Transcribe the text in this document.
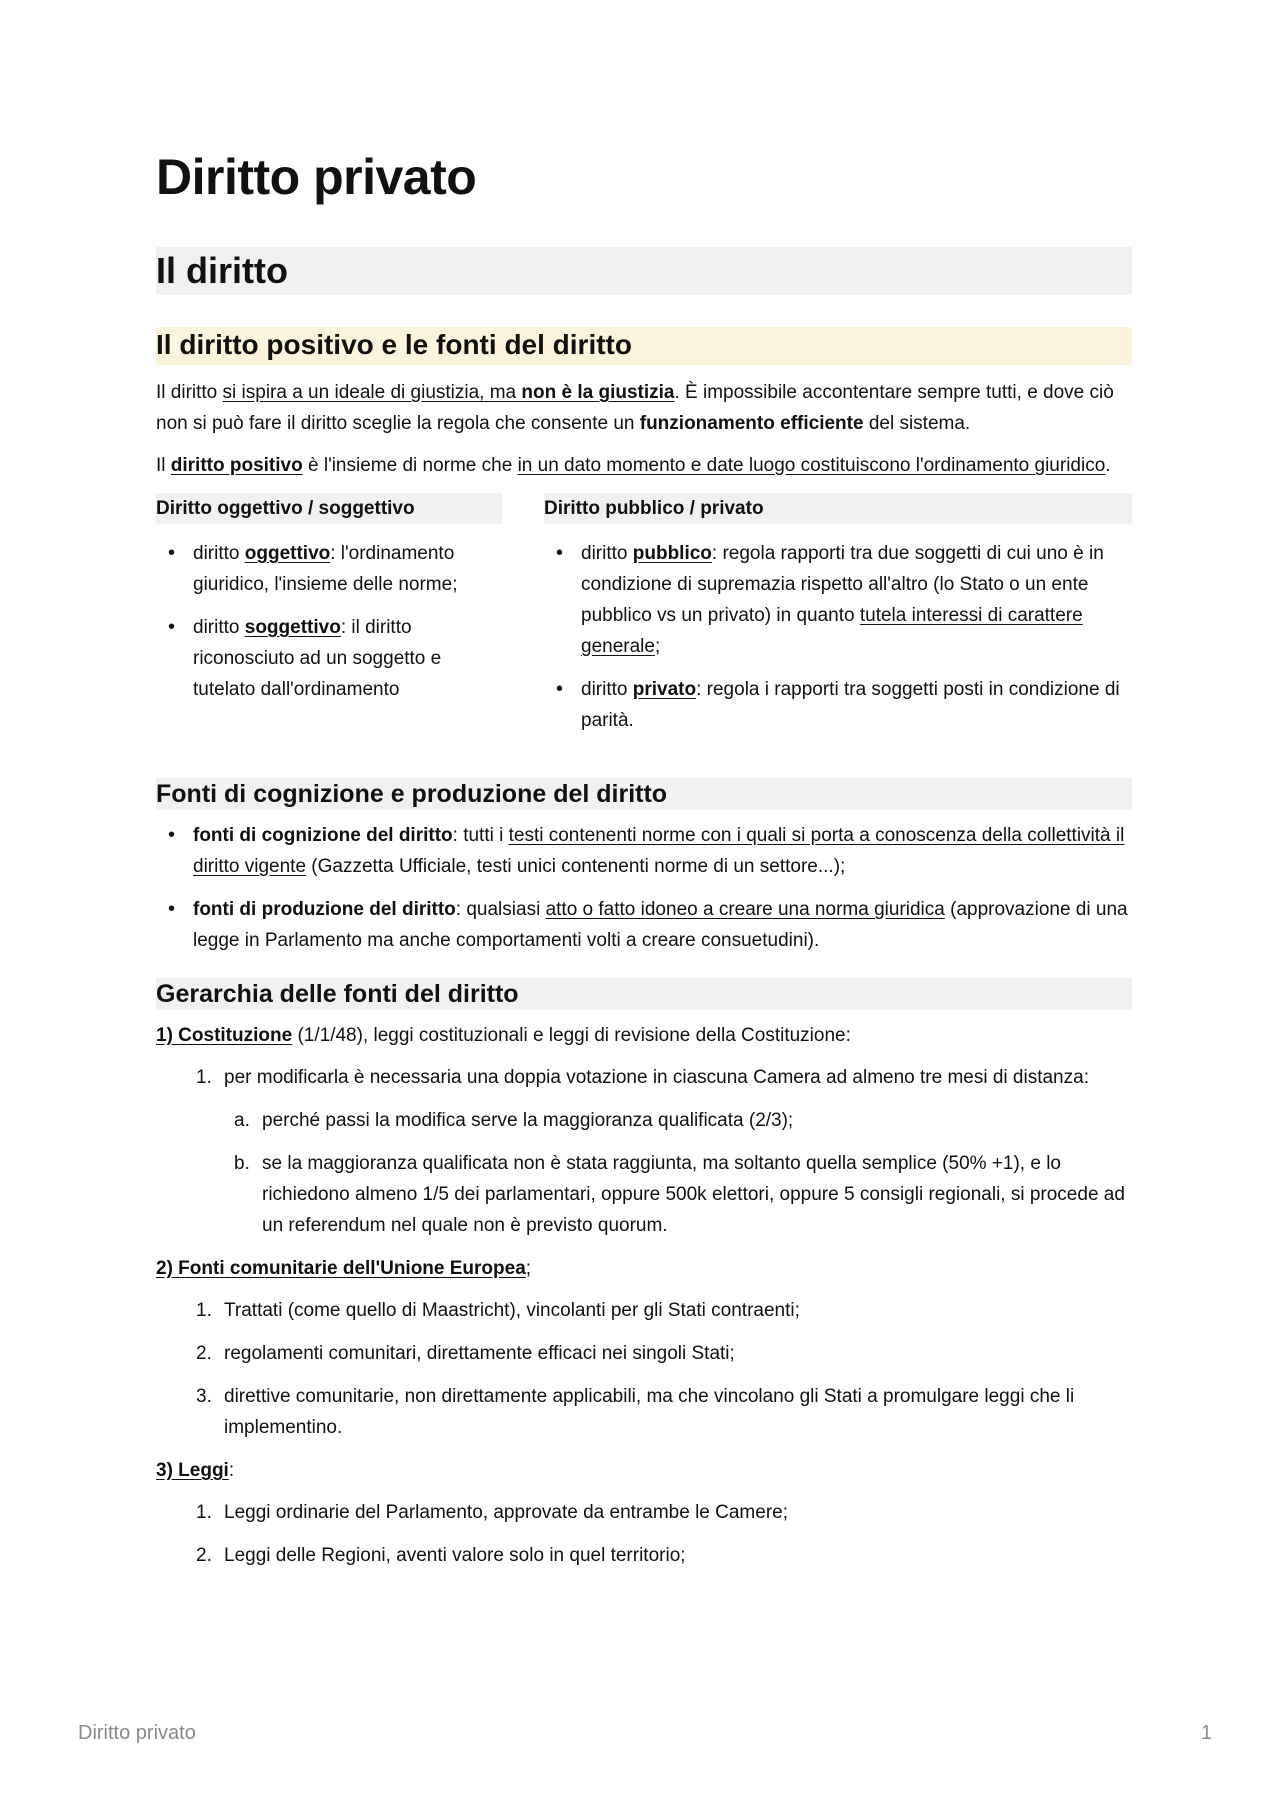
Diritto privato
Il diritto
Il diritto positivo e le fonti del diritto

Il diritto si ispira a un ideale di giustizia, ma non è la giustizia. È impossibile accontentare sempre tutti, e dove ciò non si può fare il diritto sceglie la regola che consente un funzionamento efficiente del sistema.

Il diritto positivo è l'insieme di norme che in un dato momento e date luogo costituiscono l'ordinamento giuridico.

Diritto oggettivo / soggettivo
• diritto oggettivo: l'ordinamento giuridico, l'insieme delle norme;
• diritto soggettivo: il diritto riconosciuto ad un soggetto e tutelato dall'ordinamento
Diritto pubblico / privato
• diritto pubblico: regola rapporti tra due soggetti di cui uno è in condizione di supremazia rispetto all'altro (lo Stato o un ente pubblico vs un privato) in quanto tutela interessi di carattere generale;
• diritto privato: regola i rapporti tra soggetti posti in condizione di parità.
Fonti di cognizione e produzione del diritto
• fonti di cognizione del diritto: tutti i testi contenenti norme con i quali si porta a conoscenza della collettività il diritto vigente (Gazzetta Ufficiale, testi unici contenenti norme di un settore...);
• fonti di produzione del diritto: qualsiasi atto o fatto idoneo a creare una norma giuridica (approvazione di una legge in Parlamento ma anche comportamenti volti a creare consuetudini).
Gerarchia delle fonti del diritto

1) Costituzione (1/1/48), leggi costituzionali e leggi di revisione della Costituzione:

1. per modificarla è necessaria una doppia votazione in ciascuna Camera ad almeno tre mesi di distanza:
a. perché passi la modifica serve la maggioranza qualificata (2/3);
b. se la maggioranza qualificata non è stata raggiunta, ma soltanto quella semplice (50% +1), e lo richiedono almeno 1/5 dei parlamentari, oppure 500k elettori, oppure 5 consigli regionali, si procede ad un referendum nel quale non è previsto quorum.

2) Fonti comunitarie dell'Unione Europea;

1. Trattati (come quello di Maastricht), vincolanti per gli Stati contraenti;
2. regolamenti comunitari, direttamente efficaci nei singoli Stati;
3. direttive comunitarie, non direttamente applicabili, ma che vincolano gli Stati a promulgare leggi che li implementino.

3) Leggi:

1. Leggi ordinarie del Parlamento, approvate da entrambe le Camere;
2. Leggi delle Regioni, aventi valore solo in quel territorio;
Diritto privato	1
